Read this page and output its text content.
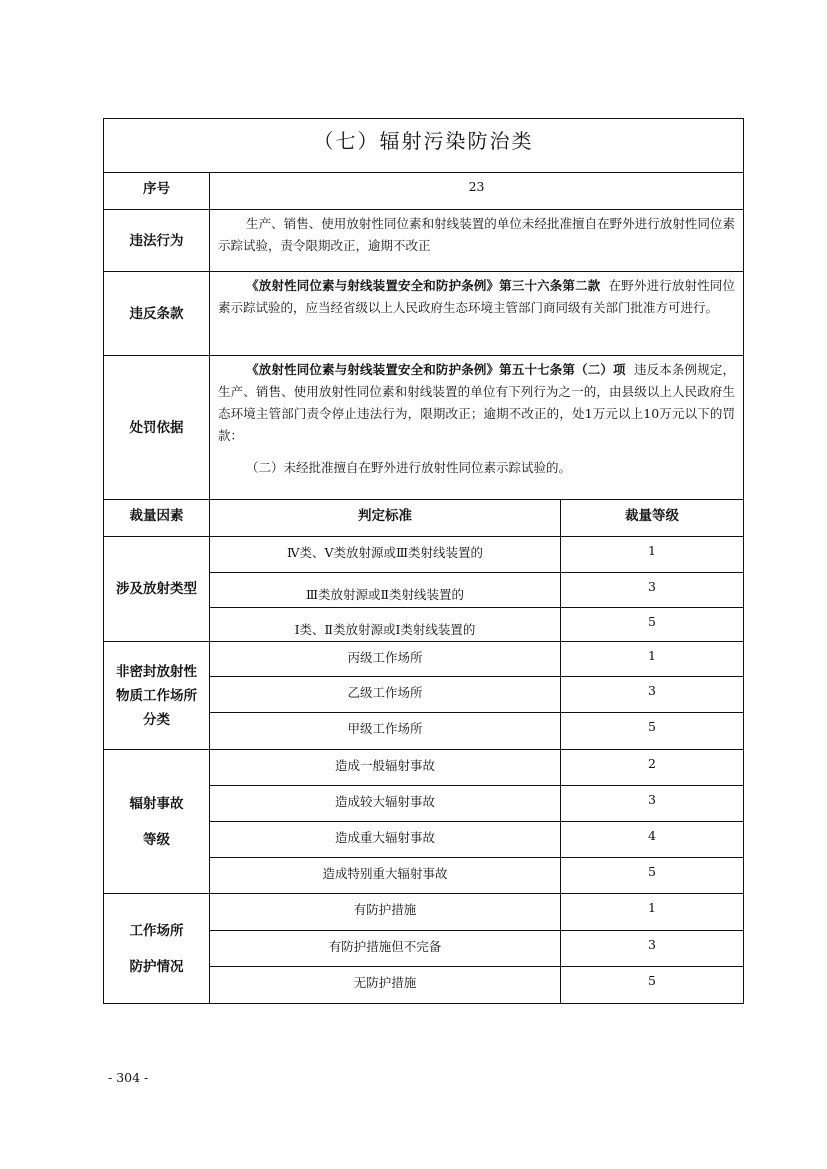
（七）辐射污染防治类		
序号	23	
违法行为	生产、销售、使用放射性同位素和射线装置的单位未经批准擅自在野外进行放射性同位素示踪试验，责令限期改正，逾期不改正	
违反条款	《放射性同位素与射线装置安全和防护条例》第三十六条第二款 在野外进行放射性同位素示踪试验的，应当经省级以上人民政府生态环境主管部门商同级有关部门批准方可进行。	
处罚依据	《放射性同位素与射线装置安全和防护条例》第五十七条第（二）项 违反本条例规定，生产、销售、使用放射性同位素和射线装置的单位有下列行为之一的，由县级以上人民政府生态环境主管部门责令停止违法行为，限期改正；逾期不改正的，处1万元以上10万元以下的罚款：
（二）未经批准擅自在野外进行放射性同位素示踪试验的。	

裁量因素	判定标准	裁量等级
涉及放射类型	Ⅳ类、Ⅴ类放射源或Ⅲ类射线装置的	1
	Ⅲ类放射源或Ⅱ类射线装置的	3
	Ⅰ类、Ⅱ类放射源或Ⅰ类射线装置的	5

非密封放射性物质工作场所分类	丙级工作场所	1
	乙级工作场所	3
	甲级工作场所	5

辐射事故等级	造成一般辐射事故	2
	造成较大辐射事故	3
	造成重大辐射事故	4
	造成特别重大辐射事故	5

工作场所防护情况	有防护措施	1
	有防护措施但不完备	3
	无防护措施	5
- 304 -
